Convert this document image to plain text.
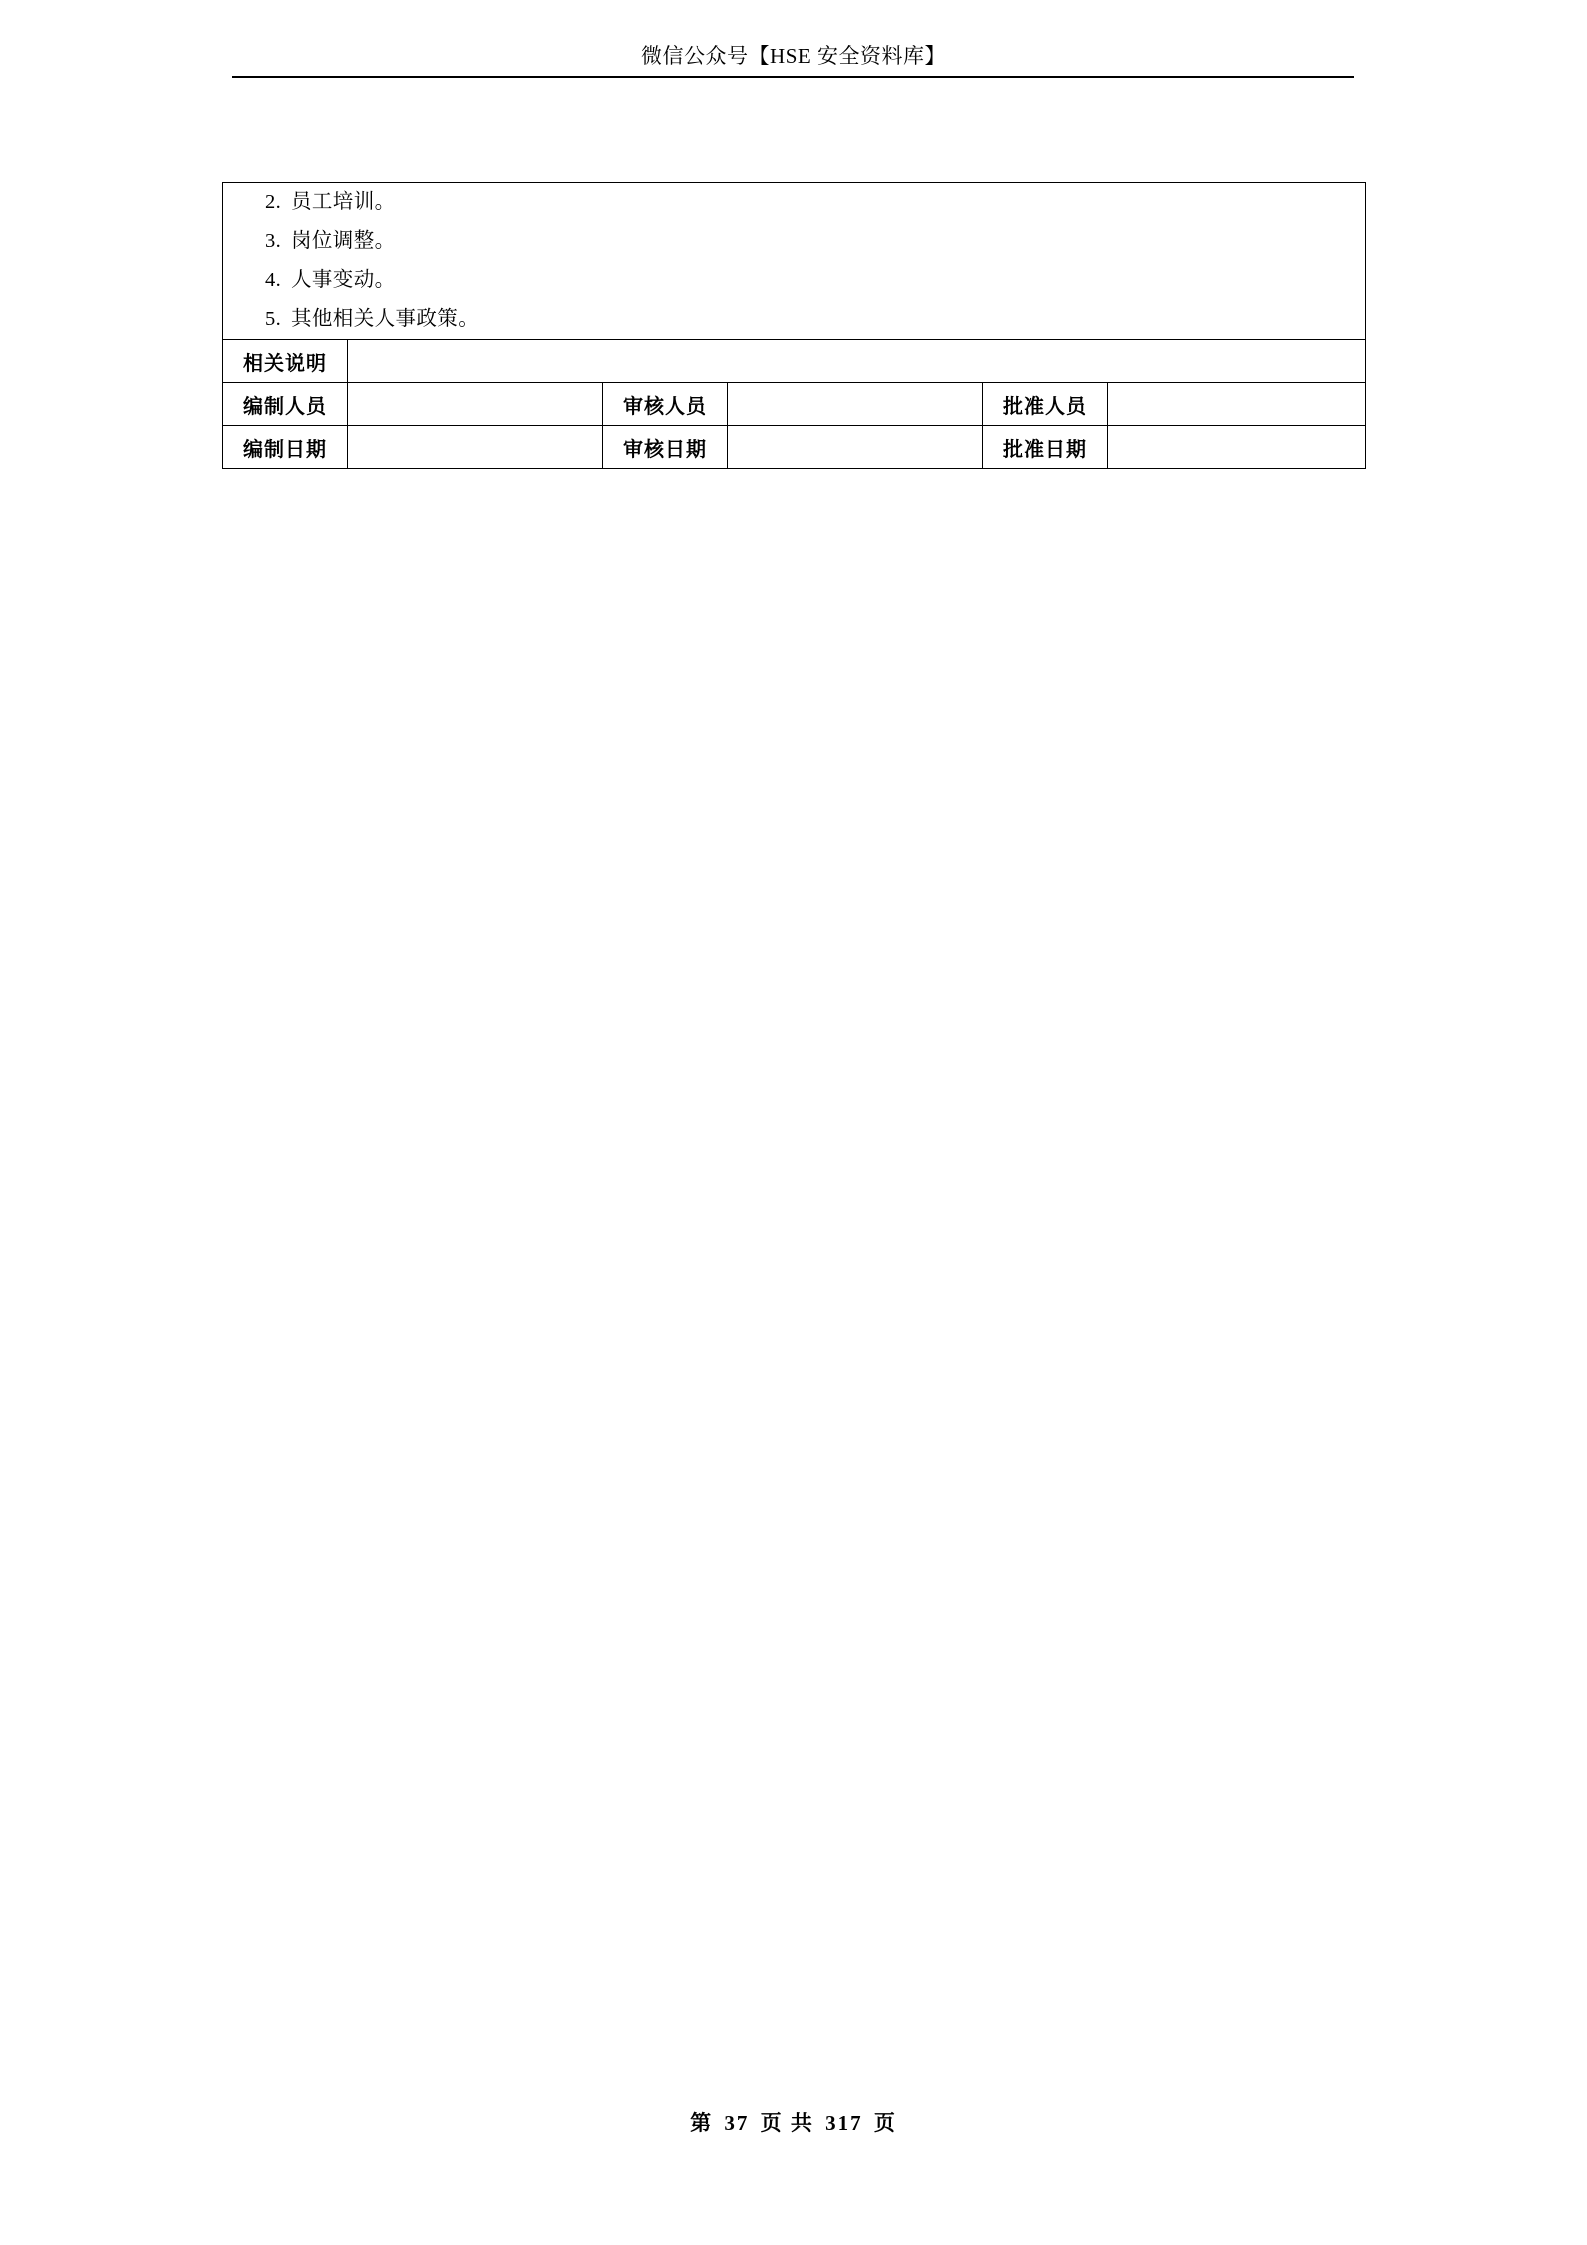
微信公众号【HSE 安全资料库】
2. 员工培训。
3. 岗位调整。
4. 人事变动。
5. 其他相关人事政策。					

相关说明					
编制人员		审核人员		批准人员	
编制日期		审核日期		批准日期	
第 37 页 共 317 页
